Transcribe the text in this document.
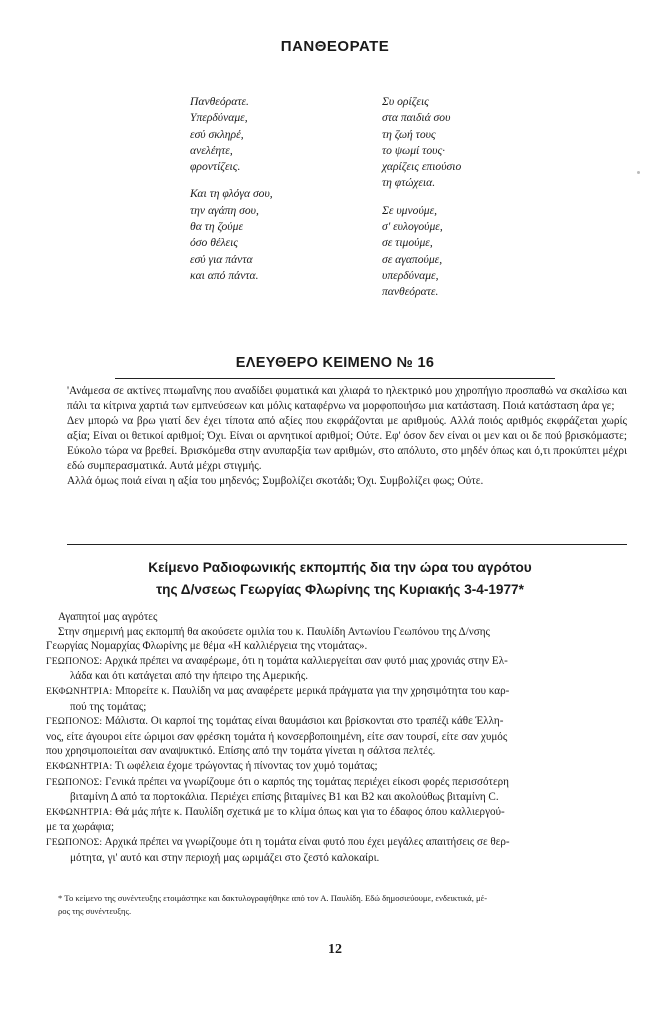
ΠΑΝΘΕΟΡΑΤΕ
Πανθεόρατε.
Υπερδύναμε,
εσύ σκληρέ,
ανελέητε,
φροντίζεις.
Και τη φλόγα σου,
την αγάπη σου,
θα τη ζούμε
όσο θέλεις
εσύ για πάντα
και από πάντα.
Συ ορίζεις
στα παιδιά σου
τη ζωή τους
το ψωμί τους·
χαρίζεις επιούσιο
τη φτώχεια.
Σε υμνούμε,
σ' ευλογούμε,
σε τιμούμε,
σε αγαπούμε,
υπερδύναμε,
πανθεόρατε.
ΕΛΕΥΘΕΡΟ ΚΕΙΜΕΝΟ № 16

'Ανάμεσα σε ακτίνες πτωμαΐνης που αναδίδει φυματικά και χλιαρά το ηλεκτρικό μου χηροπήγιο προσπαθώ να σκαλίσω και πάλι τα κίτρινα χαρτιά των εμπνεύσεων και μόλις καταφέρνω να μορφοποιήσω μια κατάσταση. Ποιά κατάσταση άρα γε;

Δεν μπορώ να βρω γιατί δεν έχει τίποτα από αξίες που εκφράζονται με αριθμούς. Αλλά ποιός αριθμός εκφράζεται χωρίς αξία; Είναι οι θετικοί αριθμοί; Όχι. Είναι οι αρνητικοί αριθμοί; Ούτε. Εφ' όσον δεν είναι οι μεν και οι δε πού βρισκόμαστε; Εύκολο τώρα να βρεθεί. Βρισκόμεθα στην ανυπαρξία των αριθμών, στο απόλυτο, στο μηδέν όπως και ό,τι προκύπτει μέχρι εδώ συμπερασματικά. Αυτά μέχρι στιγμής.

Αλλά όμως ποιά είναι η αξία του μηδενός; Συμβολίζει σκοτάδι; Όχι. Συμβολίζει φως; Ούτε.

Κείμενο Ραδιοφωνικής εκπομπής δια την ώρα του αγρότου
της Δ/νσεως Γεωργίας Φλωρίνης της Κυριακής 3-4-1977*
Αγαπητοί μας αγρότες
Στην σημερινή μας εκπομπή θα ακούσετε ομιλία του κ. Παυλίδη Αντωνίου Γεωπόνου της Δ/νσης
Γεωργίας Νομαρχίας Φλωρίνης με θέμα «Η καλλιέργεια της ντομάτας».
ΓΕΩΠΟΝΟΣ: Αρχικά πρέπει να αναφέρωμε, ότι η τομάτα καλλιεργείται σαν φυτό μιας χρονιάς στην Ελ-
λάδα και ότι κατάγεται από την ήπειρο της Αμερικής.
ΕΚΦΩΝΗΤΡΙΑ: Μπορείτε κ. Παυλίδη να μας αναφέρετε μερικά πράγματα για την χρησιμότητα του καρ-
πού της τομάτας;
ΓΕΩΠΟΝΟΣ: Μάλιστα. Οι καρποί της τομάτας είναι θαυμάσιοι και βρίσκονται στο τραπέζι κάθε Έλλη-
νος, είτε άγουροι είτε ώριμοι σαν φρέσκη τομάτα ή κονσερβοποιημένη, είτε σαν τουρσί, είτε σαν χυμός
που χρησιμοποιείται σαν αναψυκτικό. Επίσης από την τομάτα γίνεται η σάλτσα πελτές.
ΕΚΦΩΝΗΤΡΙΑ: Τι ωφέλεια έχομε τρώγοντας ή πίνοντας τον χυμό τομάτας;
ΓΕΩΠΟΝΟΣ: Γενικά πρέπει να γνωρίζουμε ότι ο καρπός της τομάτας περιέχει είκοσι φορές περισσότερη
βιταμίνη Δ από τα πορτοκάλια. Περιέχει επίσης βιταμίνες Β1 και Β2 και ακολούθως βιταμίνη C.
ΕΚΦΩΝΗΤΡΙΑ: Θά μάς πήτε κ. Παυλίδη σχετικά με το κλίμα όπως και για το έδαφος όπου καλλιεργού-
με τα χωράφια;
ΓΕΩΠΟΝΟΣ: Αρχικά πρέπει να γνωρίζουμε ότι η τομάτα είναι φυτό που έχει μεγάλες απαιτήσεις σε θερ-
μότητα, γι' αυτό και στην περιοχή μας ωριμάζει στο ζεστό καλοκαίρι.
* Το κείμενο της συνέντευξης ετοιμάστηκε και δακτυλογραφήθηκε από τον Α. Παυλίδη. Εδώ δημοσιεύουμε, ενδεικτικά, μέ-
ρος της συνέντευξης.
12
